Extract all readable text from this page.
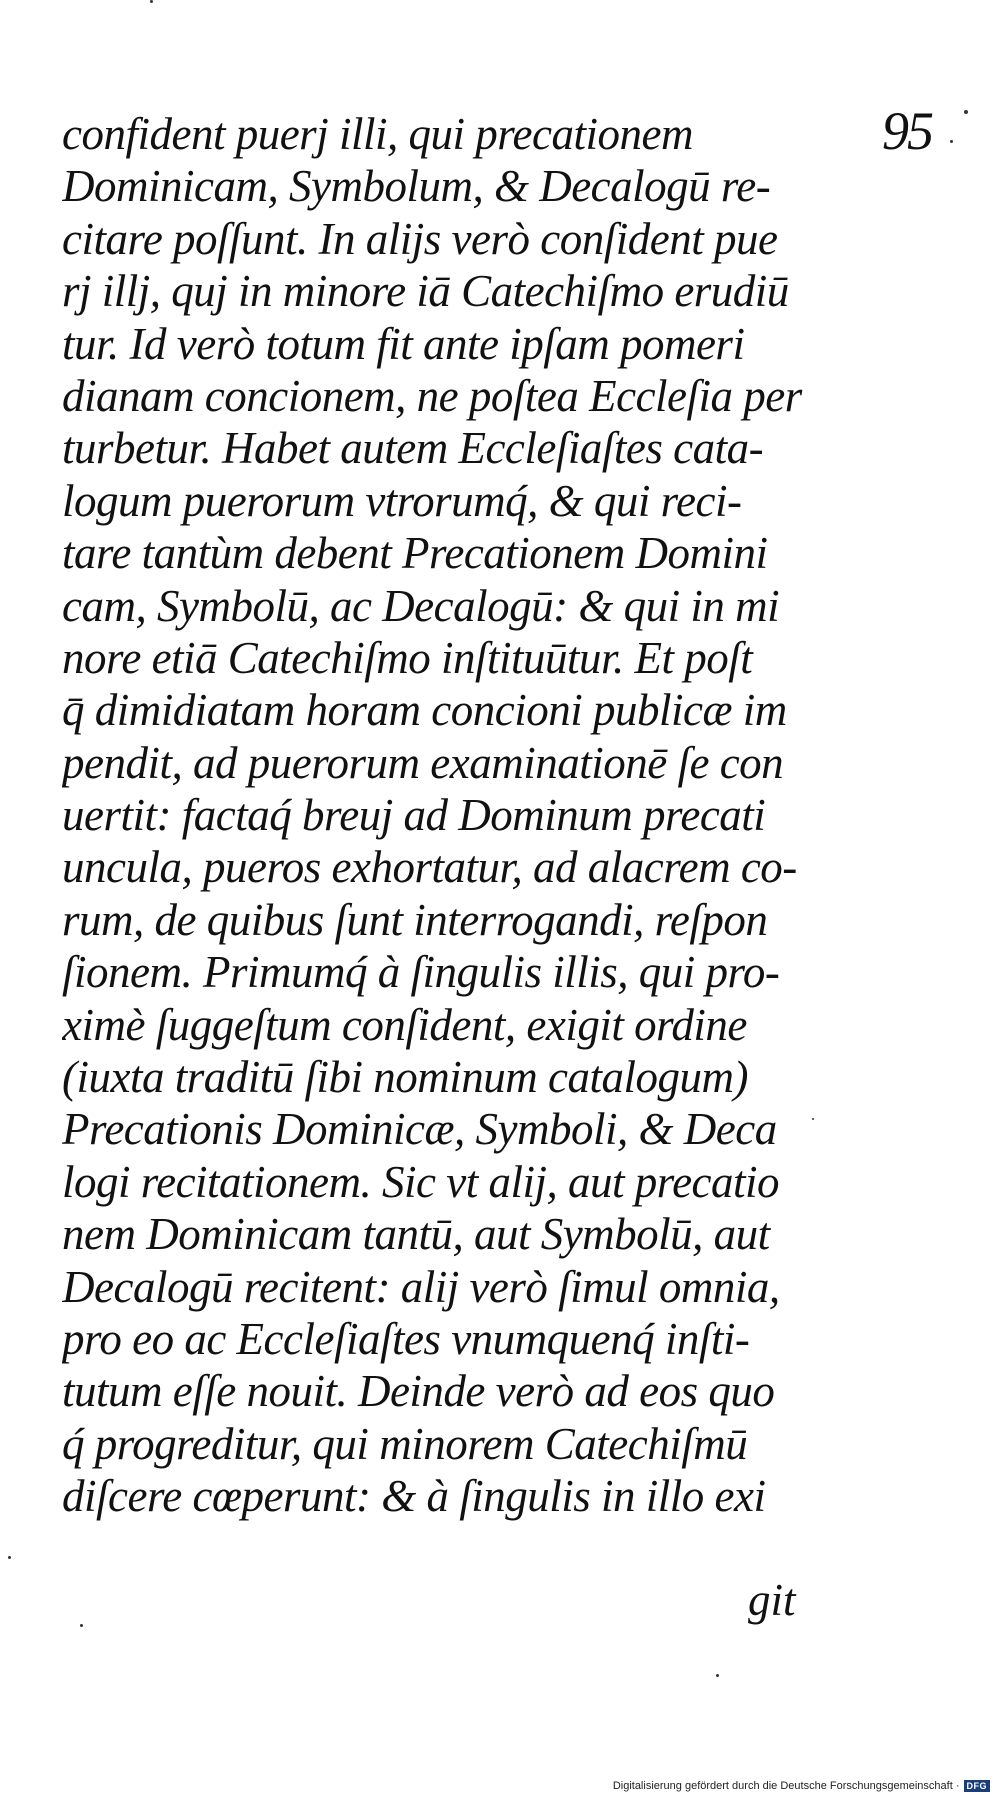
95
confident puerj illi, qui precationem
Dominicam, Symbolum, & Decalogū re-
citare poſſunt. In alijs verò conſident pue
rj illj, quj in minore iā Catechiſmo erudiū
tur. Id verò totum fit ante ipſam pomeri
dianam concionem, ne poſtea Eccleſia per
turbetur. Habet autem Eccleſiaſtes cata-
logum puerorum vtrorumq́, & qui reci-
tare tantùm debent Precationem Domini
cam, Symbolū, ac Decalogū: & qui in mi
nore etiā Catechiſmo inſtituūtur. Et poſt
q̄ dimidiatam horam concioni publicæ im
pendit, ad puerorum examinationē ſe con
uertit: factaq́ breuj ad Dominum precati
uncula, pueros exhortatur, ad alacrem co-
rum, de quibus ſunt interrogandi, reſpon
ſionem. Primumq́ à ſingulis illis, qui pro-
ximè ſuggeſtum conſident, exigit ordine
(iuxta traditū ſibi nominum catalogum)
Precationis Dominicæ, Symboli, & Deca
logi recitationem. Sic vt alij, aut precatio
nem Dominicam tantū, aut Symbolū, aut
Decalogū recitent: alij verò ſimul omnia,
pro eo ac Eccleſiaſtes vnumquenq́ inſti-
tutum eſſe nouit. Deinde verò ad eos quo
q́ progreditur, qui minorem Catechiſmū
diſcere cœperunt: & à ſingulis in illo exi
git
Digitalisierung gefördert durch die Deutsche Forschungsgemeinschaft · DFG
